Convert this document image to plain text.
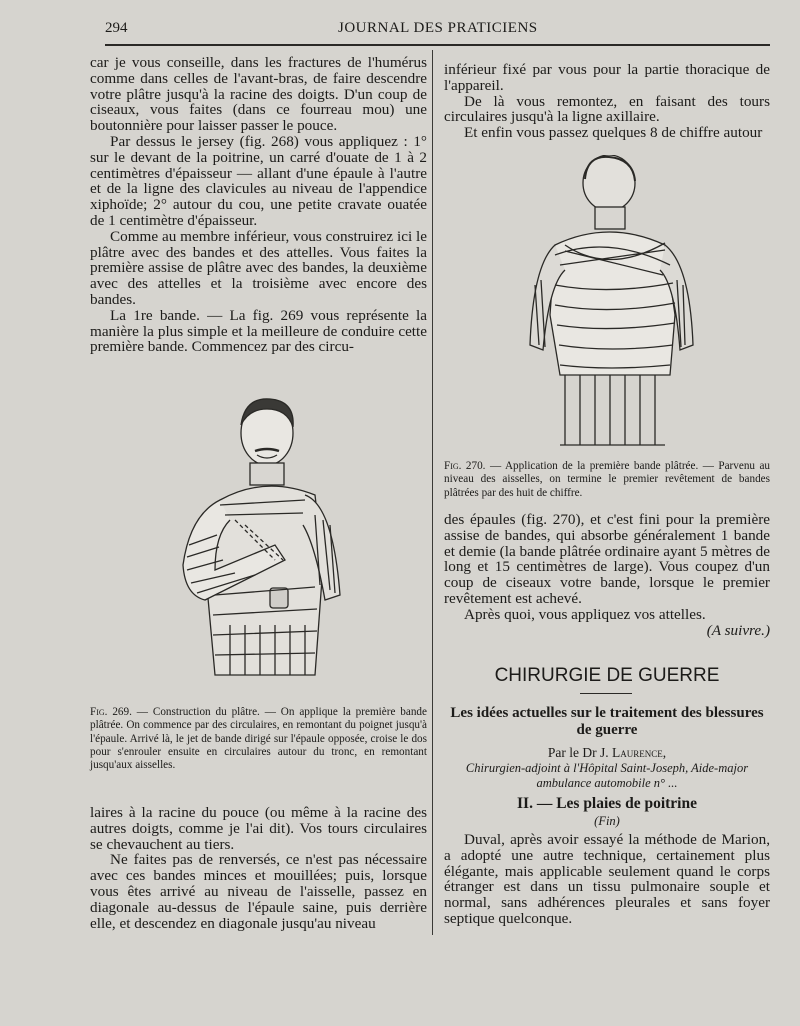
294	JOURNAL DES PRATICIENS

car je vous conseille, dans les fractures de l'humérus comme dans celles de l'avant-bras, de faire descendre votre plâtre jusqu'à la racine des doigts. D'un coup de ciseaux, vous faites (dans ce fourreau mou) une boutonnière pour laisser passer le pouce.

Par dessus le jersey (fig. 268) vous appliquez : 1° sur le devant de la poitrine, un carré d'ouate de 1 à 2 centimètres d'épaisseur — allant d'une épaule à l'autre et de la ligne des clavicules au niveau de l'appendice xiphoïde; 2° autour du cou, une petite cravate ouatée de 1 centimètre d'épaisseur.

Comme au membre inférieur, vous construirez ici le plâtre avec des bandes et des attelles. Vous faites la première assise de plâtre avec des bandes, la deuxième avec des attelles et la troisième avec encore des bandes.

La 1re bande. — La fig. 269 vous représente la manière la plus simple et la meilleure de conduire cette première bande. Commencez par des circu-

Fig. 269. — Construction du plâtre. — On applique la première bande plâtrée. On commence par des circulaires, en remontant du poignet jusqu'à l'épaule. Arrivé là, le jet de bande dirigé sur l'épaule opposée, croise le dos pour s'enrouler ensuite en circulaires autour du tronc, en remontant jusqu'aux aisselles.

laires à la racine du pouce (ou même à la racine des autres doigts, comme je l'ai dit). Vos tours circulaires se chevauchent au tiers.

Ne faites pas de renversés, ce n'est pas nécessaire avec ces bandes minces et mouillées; puis, lorsque vous êtes arrivé au niveau de l'aisselle, passez en diagonale au-dessus de l'épaule saine, puis derrière elle, et descendez en diagonale jusqu'au niveau

inférieur fixé par vous pour la partie thoracique de l'appareil.

De là vous remontez, en faisant des tours circulaires jusqu'à la ligne axillaire.

Et enfin vous passez quelques 8 de chiffre autour

Fig. 270. — Application de la première bande plâtrée. — Parvenu au niveau des aisselles, on termine le premier revêtement de bandes plâtrées par des huit de chiffre.

des épaules (fig. 270), et c'est fini pour la première assise de bandes, qui absorbe généralement 1 bande et demie (la bande plâtrée ordinaire ayant 5 mètres de long et 15 centimètres de large). Vous coupez d'un coup de ciseaux votre bande, lorsque le premier revêtement est achevé.

Après quoi, vous appliquez vos attelles.

(A suivre.)

CHIRURGIE DE GUERRE
Les idées actuelles sur le traitement des blessures de guerre
Par le Dr J. Laurence,
Chirurgien-adjoint à l'Hôpital Saint-Joseph, Aide-major ambulance automobile n° ...
II. — Les plaies de poitrine
(Fin)

Duval, après avoir essayé la méthode de Marion, a adopté une autre technique, certainement plus élégante, mais applicable seulement quand le corps étranger est dans un tissu pulmonaire souple et normal, sans adhérences pleurales et sans foyer septique quelconque.
